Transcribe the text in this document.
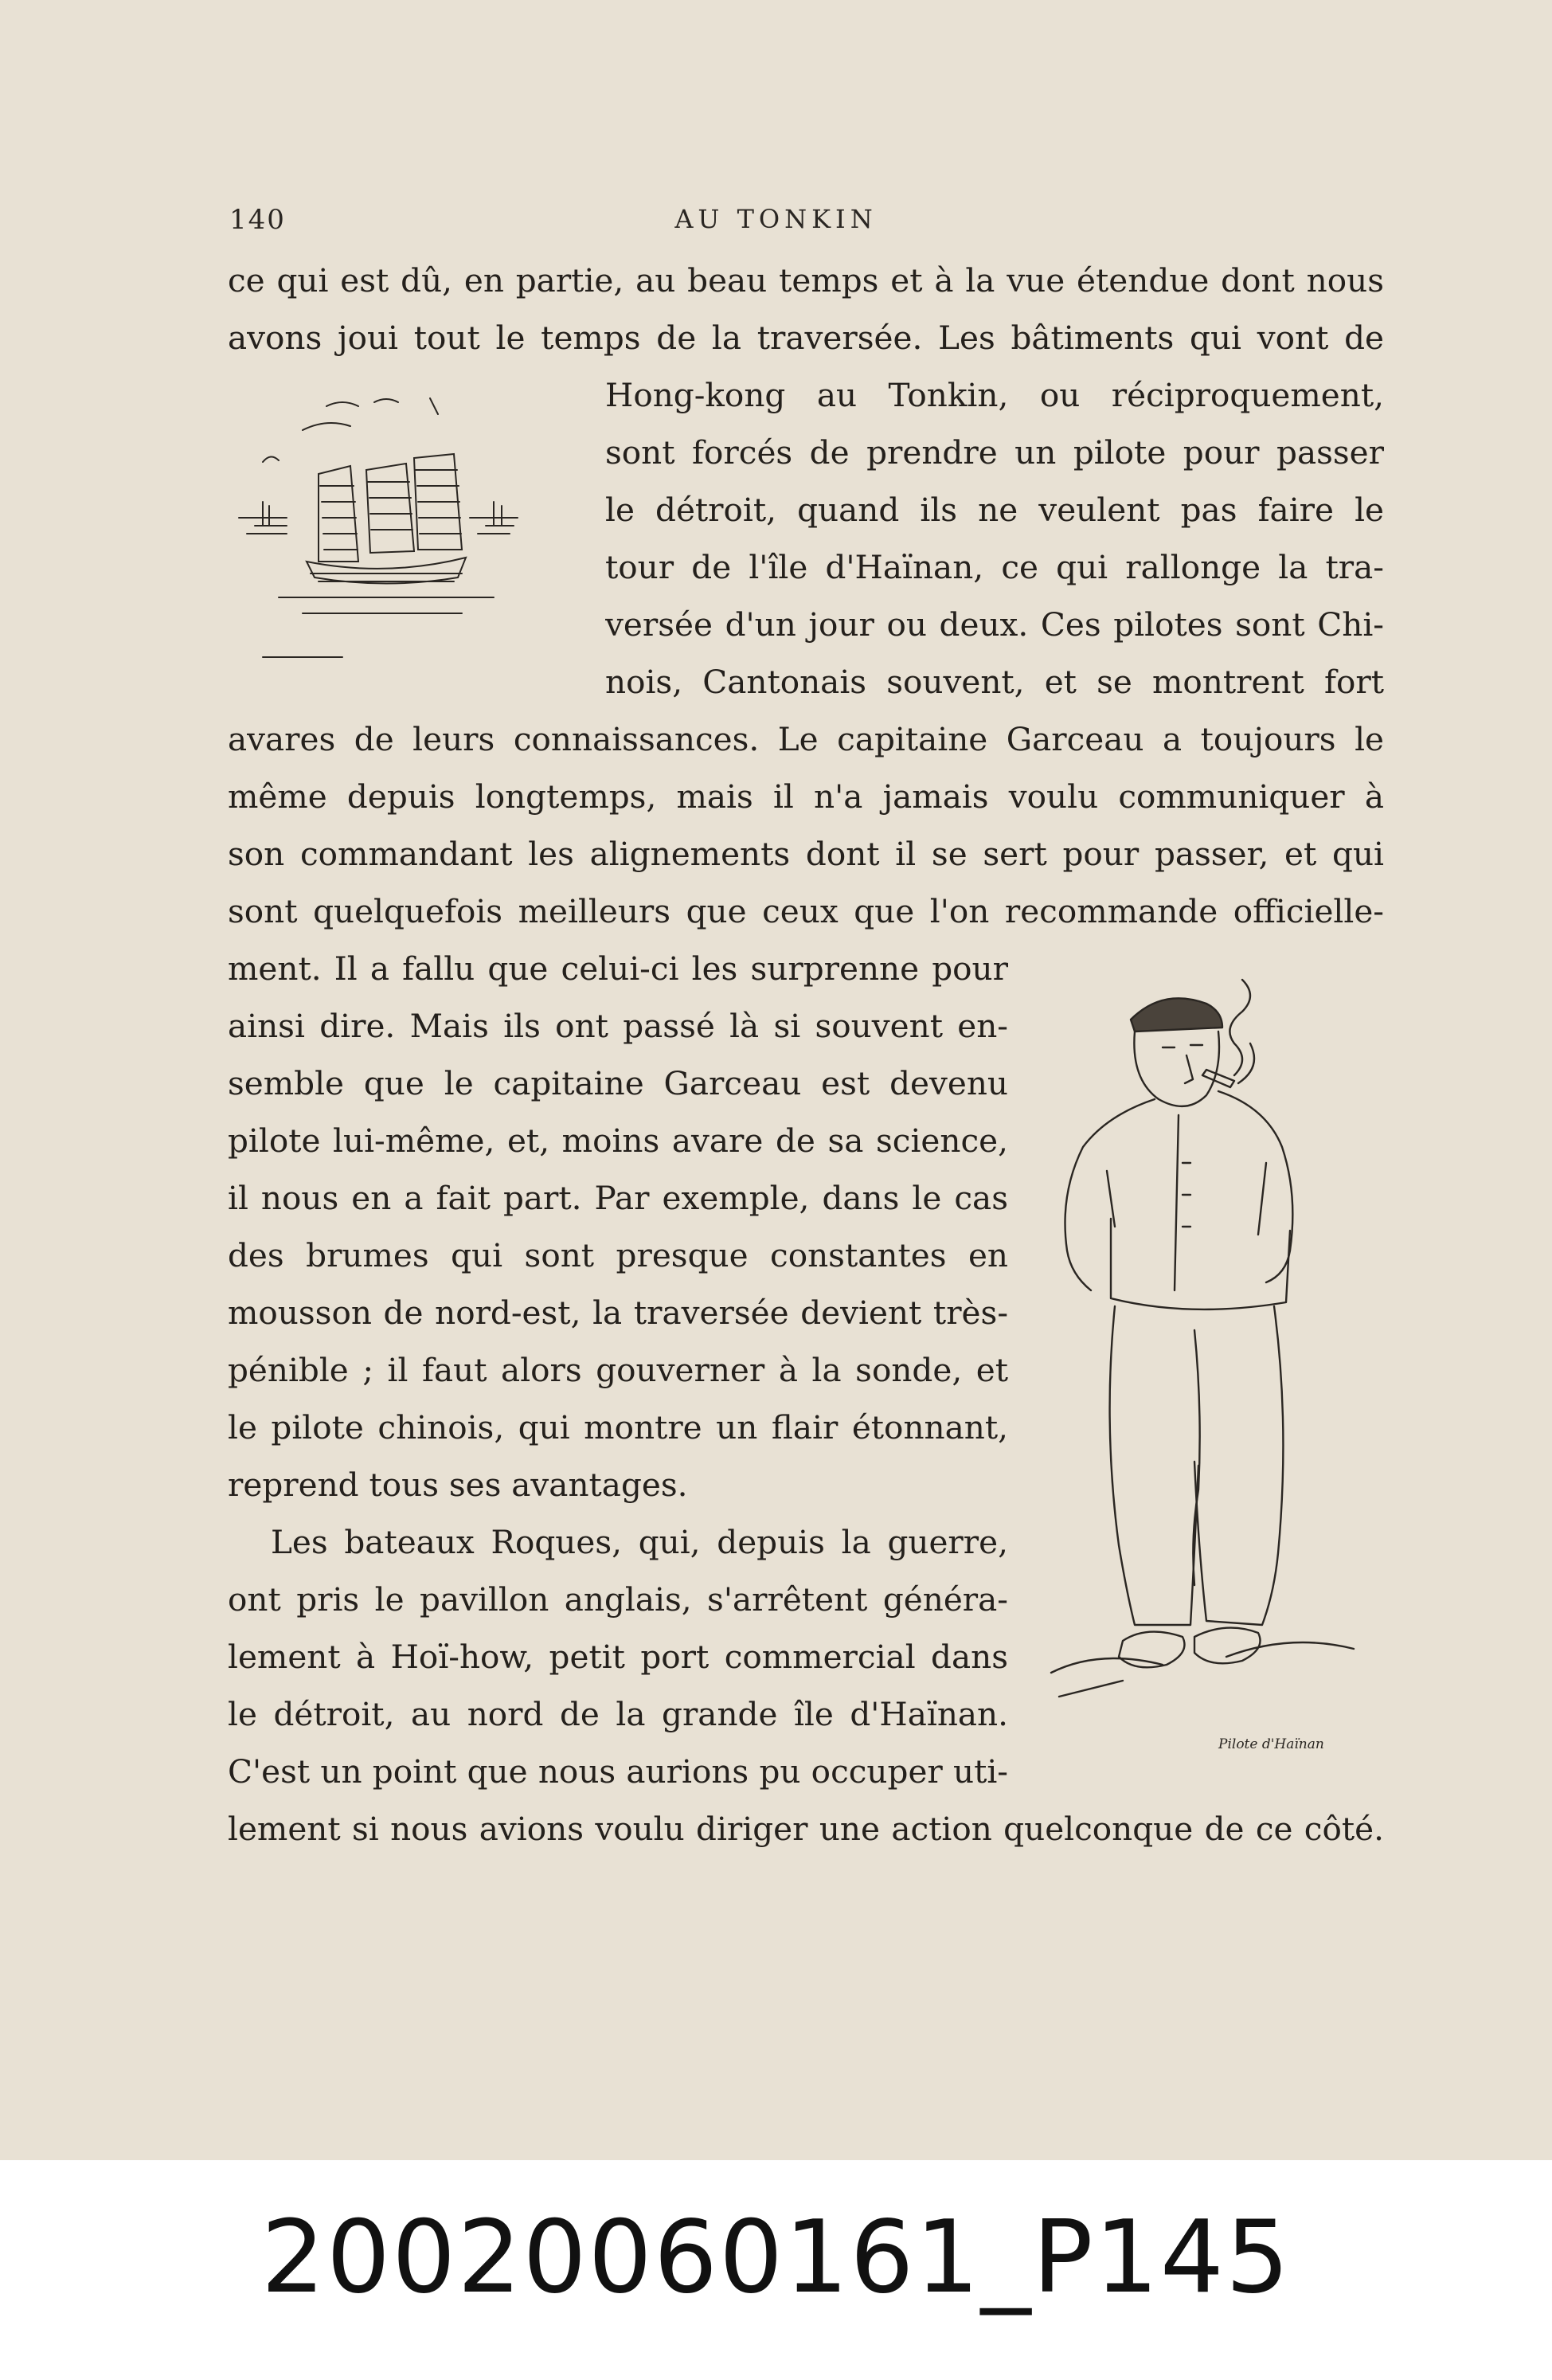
140	AU TONKIN
ce qui est dû, en partie, au beau temps et à la vue étendue dont nous
avons joui tout le temps de la traversée. Les bâtiments qui vont de
Hong-kong au Tonkin, ou réciproquement,
sont forcés de prendre un pilote pour passer
le détroit, quand ils ne veulent pas faire le
tour de l'île d'Haïnan, ce qui rallonge la tra-
versée d'un jour ou deux. Ces pilotes sont Chi-
nois, Cantonais souvent, et se montrent fort
avares de leurs connaissances. Le capitaine Garceau a toujours le
même depuis longtemps, mais il n'a jamais voulu communiquer à
son commandant les alignements dont il se sert pour passer, et qui
sont quelquefois meilleurs que ceux que l'on recommande officielle-
ment. Il a fallu que celui-ci les surprenne pour
ainsi dire. Mais ils ont passé là si souvent en-
semble que le capitaine Garceau est devenu
pilote lui-même, et, moins avare de sa science,
il nous en a fait part. Par exemple, dans le cas
des brumes qui sont presque constantes en
mousson de nord-est, la traversée devient très-
pénible ; il faut alors gouverner à la sonde, et
le pilote chinois, qui montre un flair étonnant,
reprend tous ses avantages.
Les bateaux Roques, qui, depuis la guerre,
ont pris le pavillon anglais, s'arrêtent généra-
lement à Hoï-how, petit port commercial dans
le détroit, au nord de la grande île d'Haïnan.
C'est un point que nous aurions pu occuper uti-
lement si nous avions voulu diriger une action quelconque de ce côté.
Pilote d'Haïnan
20020060161_P145
